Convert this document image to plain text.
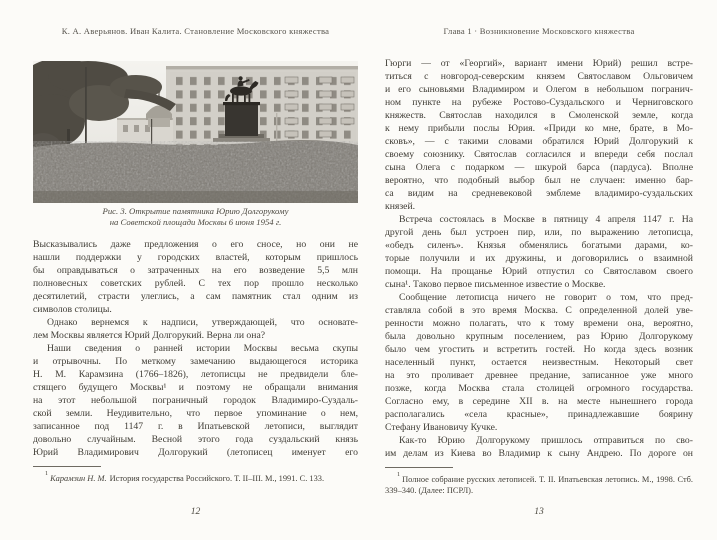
К. А. Аверьянов. Иван Калита. Становление Московского княжества
Рис. 3. Открытие памятника Юрию Долгорукому
на Советской площади Москвы 6 июня 1954 г.
Высказывались даже предложения о его сносе, но они не
нашли поддержки у городских властей, которым пришлось
бы оправдываться о затраченных на его возведение 5,5 млн
полновесных советских рублей. С тех пор прошло несколько
десятилетий, страсти улеглись, а сам памятник стал одним из
символов столицы.
Однако вернемся к надписи, утверждающей, что основате-
лем Москвы является Юрий Долгорукий. Верна ли она?
Наши сведения о ранней истории Москвы весьма скупы
и отрывочны. По меткому замечанию выдающегося историка
Н. М. Карамзина (1766–1826), летописцы не предвидели бле-
стящего будущего Москвы¹ и поэтому не обращали внимания
на этот небольшой пограничный городок Владимиро-Суздаль-
ской земли. Неудивительно, что первое упоминание о нем,
записанное под 1147 г. в Ипатьевской летописи, выглядит
довольно случайным. Весной этого года суздальский князь
Юрий Владимирович Долгорукий (летописец именует его
$^1$Карамзин Н. М. История государства Российского. Т. II–III. М., 1991. С. 133.
12
Глава 1 · Возникновение Московского княжества
Гюрги — от «Георгий», вариант имени Юрий) решил встре-
титься с новгород-северским князем Святославом Ольговичем
и его сыновьями Владимиром и Олегом в небольшом погранич-
ном пункте на рубеже Ростово-Суздальского и Черниговского
княжеств. Святослав находился в Смоленской земле, когда
к нему прибыли послы Юрия. «Приди ко мне, брате, в Мо-
сковъ», — с такими словами обратился Юрий Долгорукий к
своему союзнику. Святослав согласился и впереди себя послал
сына Олега с подарком — шкурой барса (пардуса). Вполне
вероятно, что подобный выбор был не случаен: именно бар-
са видим на средневековой эмблеме владимиро-суздальских
князей.
Встреча состоялась в Москве в пятницу 4 апреля 1147 г. На
другой день был устроен пир, или, по выражению летописца,
«обедъ силенъ». Князья обменялись богатыми дарами, ко-
торые получили и их дружины, и договорились о взаимной
помощи. На прощанье Юрий отпустил со Святославом своего
сына¹. Таково первое письменное известие о Москве.
Сообщение летописца ничего не говорит о том, что пред-
ставляла собой в это время Москва. С определенной долей уве-
ренности можно полагать, что к тому времени она, вероятно,
была довольно крупным поселением, раз Юрию Долгорукому
было чем угостить и встретить гостей. Но когда здесь возник
населенный пункт, остается неизвестным. Некоторый свет
на это проливает древнее предание, записанное уже много
позже, когда Москва стала столицей огромного государства.
Согласно ему, в середине XII в. на месте нынешнего города
располагались «села красные», принадлежавшие боярину
Стефану Ивановичу Кучке.
Как-то Юрию Долгорукому пришлось отправиться по сво-
им делам из Киева во Владимир к сыну Андрею. По дороге он
$^1$Полное собрание русских летописей. Т. II. Ипатьевская летопись. М., 1998. Стб. 339–340. (Далее: ПСРЛ).
13
